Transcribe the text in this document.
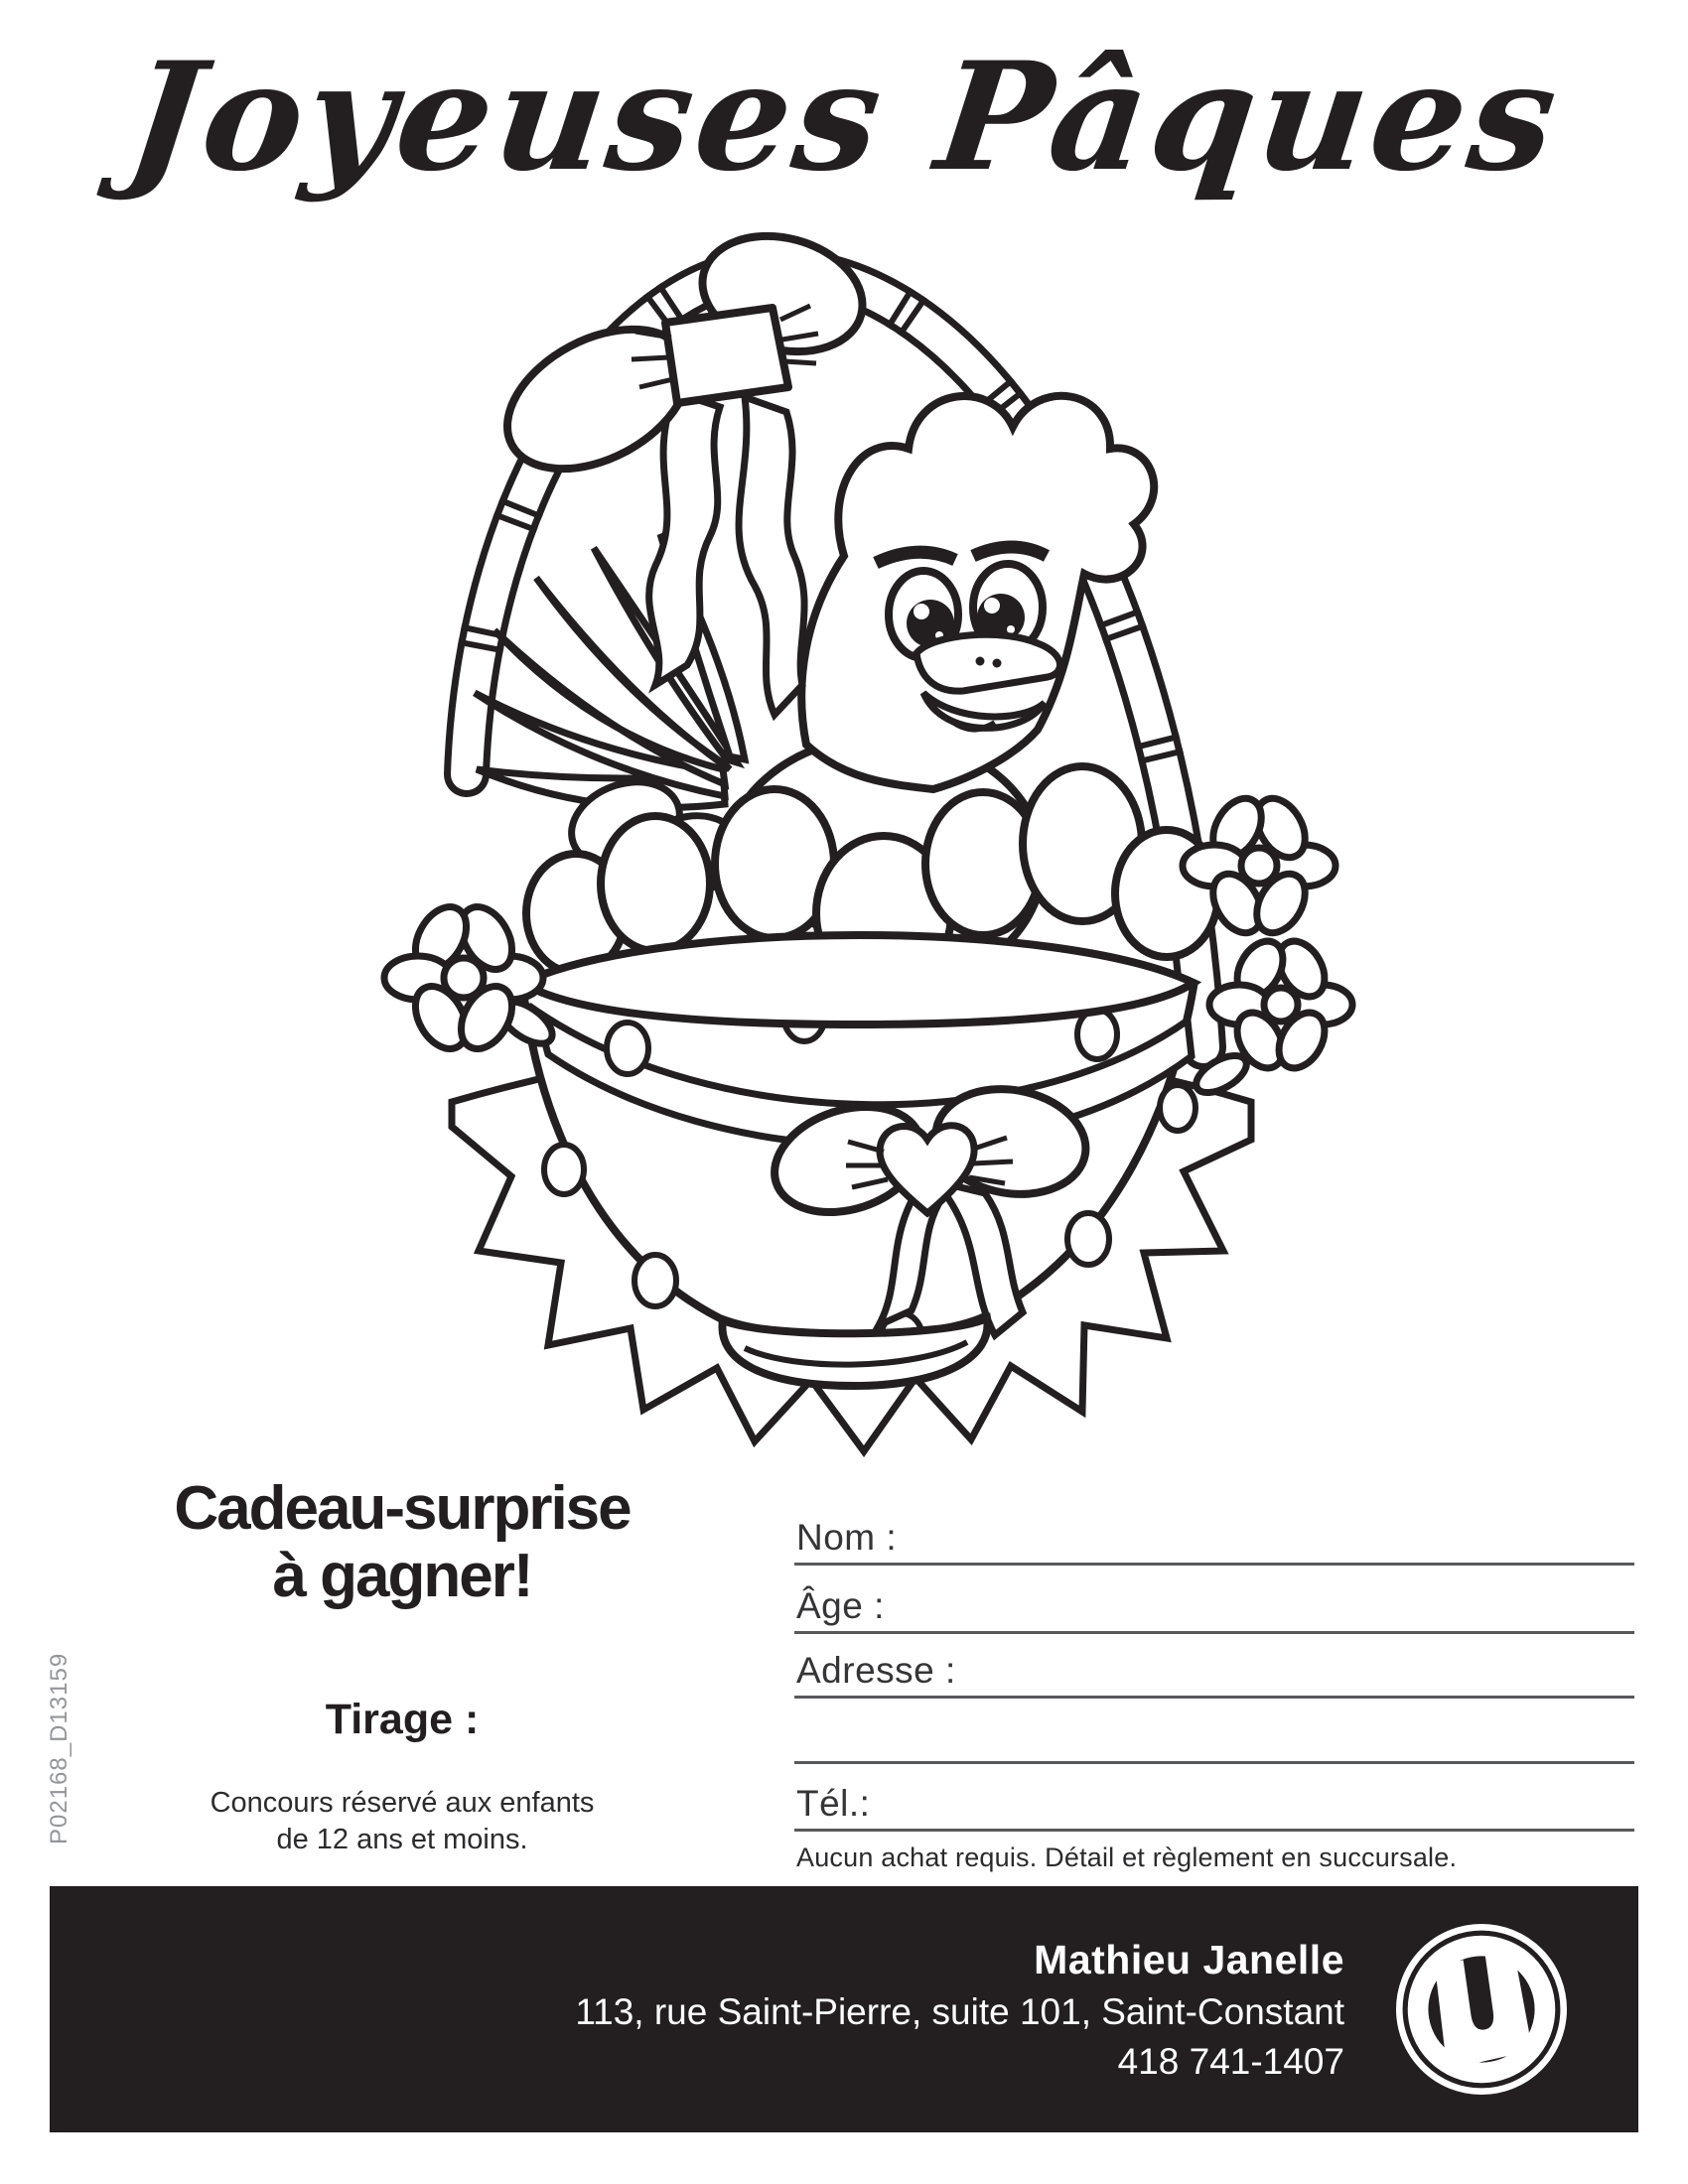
Joyeuses Pâques
Cadeau-surprise
à gagner!
Tirage :
Concours réservé aux enfants
de 12 ans et moins.
Nom :
Âge :
Adresse :
Tél.:
Aucun achat requis. Détail et règlement en succursale.
P02168_D13159
Mathieu Janelle
113, rue Saint-Pierre, suite 101, Saint-Constant
418 741-1407
